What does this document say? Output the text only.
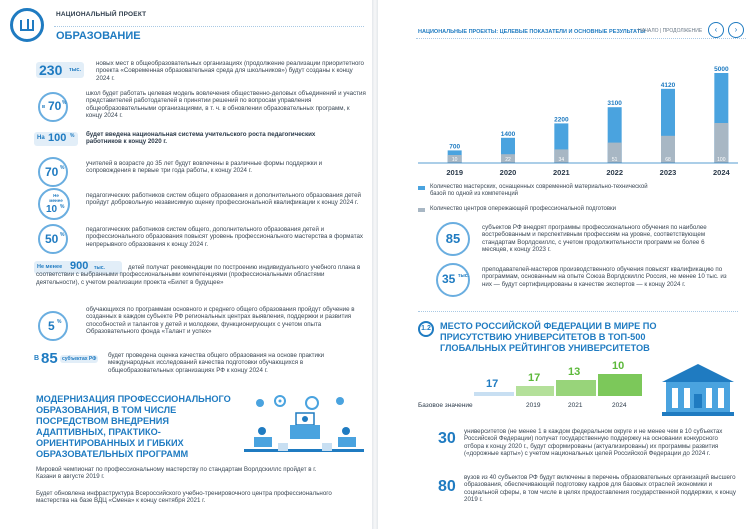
НАЦИОНАЛЬНЫЙ ПРОЕКТ
ОБРАЗОВАНИЕ
230 тыс.
новых мест в общеобразовательных организациях (продолжение реализации приоритетного проекта «Современная образовательная среда для школьников») будут созданы к концу 2024 г.
в 70 %
школ будет работать целевая модель вовлечения общественно-деловых объединений и участия представителей работодателей в принятии решений по вопросам управления общеобразовательными организациями, в т. ч. в обновлении образовательных программ, к концу 2024 г.
На 100 % будет введена национальная система учительского роста педагогических работников к концу 2020 г.
70 %
учителей в возрасте до 35 лет будут вовлечены в различные формы поддержки и сопровождения в первые три года работы, к концу 2024 г.
Не менее
10 %
педагогических работников систем общего образования и дополнительного образования детей пройдут добровольную независимую оценку профессиональной квалификации к концу 2024 г.
50 %
педагогических работников систем общего, дополнительного образования детей и профессионального образования повысят уровень профессионального мастерства в форматах непрерывного образования к концу 2024 г.
Не менее 900 тыс.	детей получат рекомендации по построению индивидуального учебного плана в соответствии с выбранными профессиональными компетенциями (профессиональными областями деятельности), с учетом реализации проекта «Билет в будущее»
5 %
обучающихся по программам основного и среднего общего образования пройдут обучение в созданных в каждом субъекте РФ региональных центрах выявления, поддержки и развития способностей и талантов у детей и молодежи, функционирующих с учетом опыта Образовательного фонда «Талант и успех»
В 85 субъектах РФ	будет проведена оценка качества общего образования на основе практики международных исследований качества подготовки обучающихся в общеобразовательных организациях РФ к концу 2024 г.
МОДЕРНИЗАЦИЯ ПРОФЕССИОНАЛЬНОГО ОБРАЗОВАНИЯ, В ТОМ ЧИСЛЕ ПОСРЕДСТВОМ ВНЕДРЕНИЯ АДАПТИВНЫХ, ПРАКТИКО-ОРИЕНТИРОВАННЫХ И ГИБКИХ ОБРАЗОВАТЕЛЬНЫХ ПРОГРАММ
Мировой чемпионат по профессиональному мастерству по стандартам Ворлдскиллс пройдет в г. Казани в августе 2019 г.
Будет обновлена инфраструктура Всероссийского учебно-тренировочного центра профессионального мастерства на базе ВДЦ «Смена» к концу сентября 2021 г.
НАЦИОНАЛЬНЫЕ ПРОЕКТЫ: ЦЕЛЕВЫЕ ПОКАЗАТЕЛИ И ОСНОВНЫЕ РЕЗУЛЬТАТЫ
НАЧАЛО | ПРОДОЛЖЕНИЕ	‹	›
700
10
2019
1400
22
2020
2200
34
2021
3100
51
2022
4120
68
2023
5000
100
2024
Количество мастерских, оснащенных современной материально-технической базой по одной из компетенций
Количество центров опережающей профессиональной подготовки
85
субъектов РФ внедрят программы профессионального обучения по наиболее востребованным и перспективным профессиям на уровне, соответствующем стандартам Ворлдскиллс, с учетом продолжительности программ не более 6 месяцев, к концу 2023 г.
35 тыс.
преподавателей-мастеров производственного обучения повысят квалификацию по программам, основанным на опыте Союза Ворлдскиллс Россия, не менее 10 тыс. из них — будут сертифицированы в качестве экспертов — к концу 2024 г.
1.2 МЕСТО РОССИЙСКОЙ ФЕДЕРАЦИИ В МИРЕ ПО ПРИСУТСТВИЮ УНИВЕРСИТЕТОВ В ТОП-500 ГЛОБАЛЬНЫХ РЕЙТИНГОВ УНИВЕРСИТЕТОВ
17	17	13	10
Базовое значение	2019	2021	2024
30 университетов (не менее 1 в каждом федеральном округе и не менее чем в 10 субъектах Российской Федерации) получат государственную поддержку на основании конкурсного отбора к концу 2020 г., будут сформированы (актуализированы) их программы развития («дорожные карты») с учетом национальных целей Российской Федерации до 2024 г.
80
вузов из 40 субъектов РФ будут включены в перечень образовательных организаций высшего образования, обеспечивающий подготовку кадров для базовых отраслей экономики и социальной сферы, в том числе в целях предоставления государственной поддержки, к концу 2019 г.
